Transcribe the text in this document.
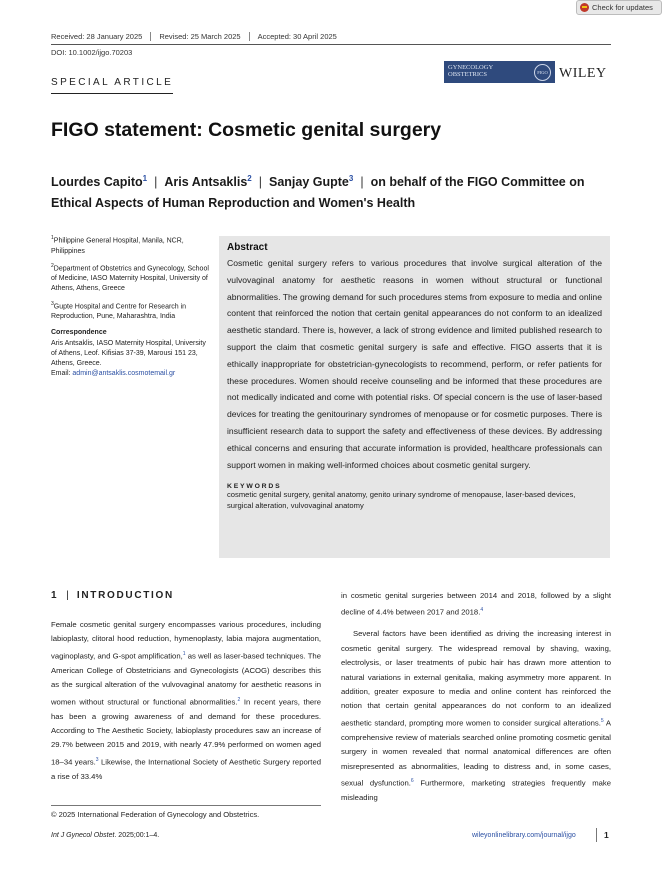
Check for updates
Received: 28 January 2025	Revised: 25 March 2025	Accepted: 30 April 2025
DOI: 10.1002/ijgo.70203
SPECIAL ARTICLE
GYNECOLOGY
OBSTETRICS	FIGO WILEY
FIGO statement: Cosmetic genital surgery
Lourdes Capito$^1$ | Aris Antsaklis$^2$ | Sanjay Gupte$^3$ | on behalf of the FIGO Committee on Ethical Aspects of Human Reproduction and Women's Health

$^1$Philippine General Hospital, Manila, NCR, Philippines

$^2$Department of Obstetrics and Gynecology, School of Medicine, IASO Maternity Hospital, University of Athens, Athens, Greece

$^3$Gupte Hospital and Centre for Research in Reproduction, Pune, Maharashtra, India

Correspondence

Aris Antsaklis, IASO Maternity Hospital, University of Athens, Leof. Kifisias 37-39, Marousi 151 23, Athens, Greece.
Email: admin@antsaklis.cosmotemail.gr

Abstract
Cosmetic genital surgery refers to various procedures that involve surgical alteration of the vulvovaginal anatomy for aesthetic reasons in women without structural or functional abnormalities. The growing demand for such procedures stems from exposure to media and online content that reinforced the notion that certain genital appearances do not conform to an idealized aesthetic standard. There is, however, a lack of strong evidence and limited published research to support the claim that cosmetic genital surgery is safe and effective. FIGO asserts that it is ethically inappropriate for obstetrician-gynecologists to recommend, perform, or refer patients for these procedures. Women should receive counseling and be informed that these procedures are not medically indicated and come with potential risks. Of special concern is the use of laser-based devices for treating the genitourinary syndromes of menopause or for cosmetic purposes. There is insufficient research data to support the safety and effectiveness of these devices. By addressing ethical concerns and ensuring that accurate information is provided, healthcare professionals can support women in making well-informed choices about cosmetic genital surgery.
KEYWORDS
cosmetic genital surgery, genital anatomy, genito urinary syndrome of menopause, laser-based devices, surgical alteration, vulvovaginal anatomy
1 | INTRODUCTION

Female cosmetic genital surgery encompasses various procedures, including labioplasty, clitoral hood reduction, hymenoplasty, labia majora augmentation, vaginoplasty, and G-spot amplification,$^1$ as well as laser-based techniques. The American College of Obstetricians and Gynecologists (ACOG) describes this as the surgical alteration of the vulvovaginal anatomy for aesthetic reasons in women without structural or functional abnormalities.$^2$ In recent years, there has been a growing awareness of and demand for these procedures. According to The Aesthetic Society, labioplasty procedures saw an increase of 29.7% between 2015 and 2019, with nearly 47.9% performed on women aged 18–34 years.$^3$ Likewise, the International Society of Aesthetic Surgery reported a rise of 33.4%

in cosmetic genital surgeries between 2014 and 2018, followed by a slight decline of 4.4% between 2017 and 2018.$^4$

Several factors have been identified as driving the increasing interest in cosmetic genital surgery. The widespread removal by shaving, waxing, electrolysis, or laser treatments of pubic hair has drawn more attention to natural variations in external genitalia, making asymmetry more apparent. In addition, greater exposure to media and online content has reinforced the notion that certain genital appearances do not conform to an idealized aesthetic standard, prompting more women to consider surgical alterations.$^5$ A comprehensive review of materials searched online promoting cosmetic genital surgery in women revealed that normal anatomical differences are often misrepresented as abnormalities, leading to distress and, in some cases, sexual dysfunction.$^6$ Furthermore, marketing strategies frequently make misleading

© 2025 International Federation of Gynecology and Obstetrics.
Int J Gynecol Obstet. 2025;00:1–4.	wileyonlinelibrary.com/journal/ijgo	1
